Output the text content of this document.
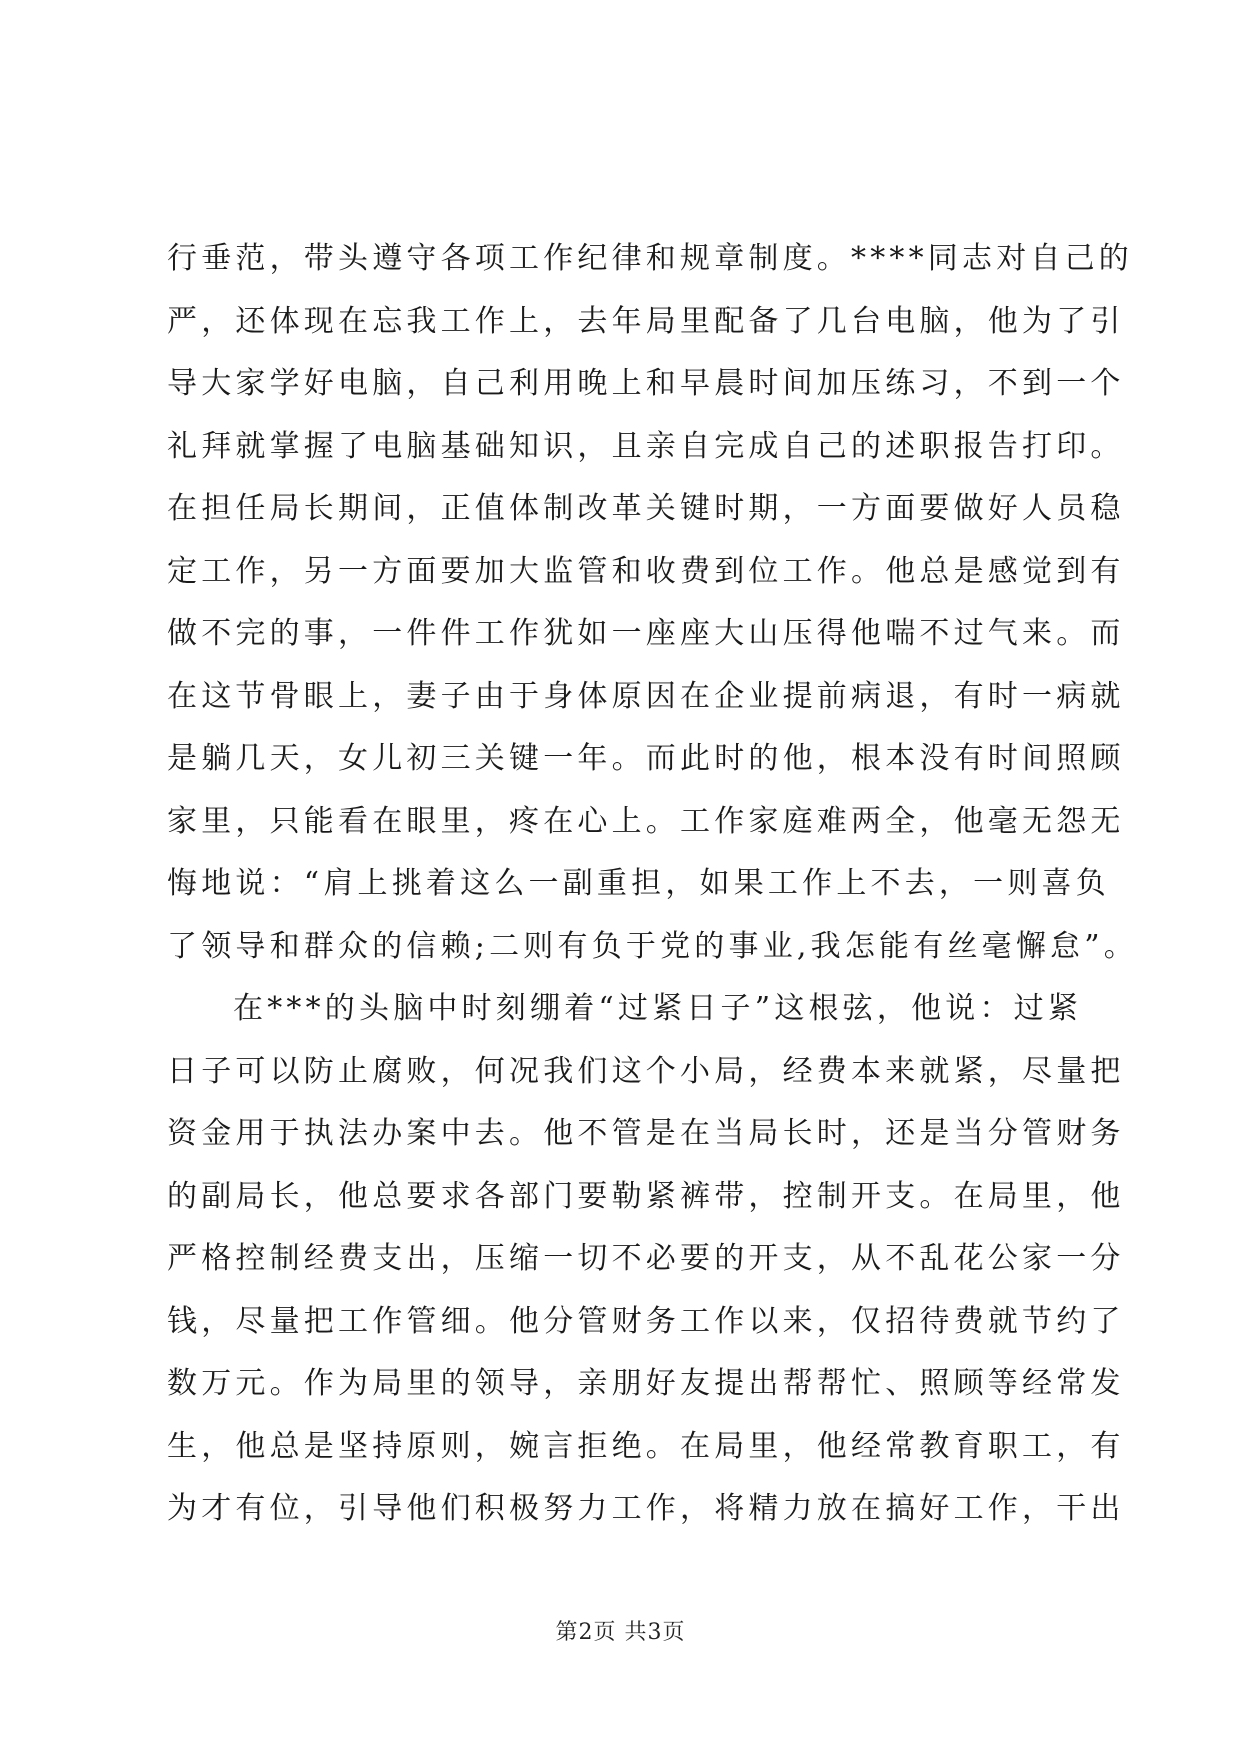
行垂范，带头遵守各项工作纪律和规章制度。****同志对自己的
严，还体现在忘我工作上，去年局里配备了几台电脑，他为了引
导大家学好电脑，自己利用晚上和早晨时间加压练习，不到一个
礼拜就掌握了电脑基础知识，且亲自完成自己的述职报告打印。
在担任局长期间，正值体制改革关键时期，一方面要做好人员稳
定工作，另一方面要加大监管和收费到位工作。他总是感觉到有
做不完的事，一件件工作犹如一座座大山压得他喘不过气来。而
在这节骨眼上，妻子由于身体原因在企业提前病退，有时一病就
是躺几天，女儿初三关键一年。而此时的他，根本没有时间照顾
家里，只能看在眼里，疼在心上。工作家庭难两全，他毫无怨无
悔地说：“肩上挑着这么一副重担，如果工作上不去，一则喜负
了领导和群众的信赖;二则有负于党的事业,我怎能有丝毫懈怠”。
在***的头脑中时刻绷着“过紧日子”这根弦，他说：过紧
日子可以防止腐败，何况我们这个小局，经费本来就紧，尽量把
资金用于执法办案中去。他不管是在当局长时，还是当分管财务
的副局长，他总要求各部门要勒紧裤带，控制开支。在局里，他
严格控制经费支出，压缩一切不必要的开支，从不乱花公家一分
钱，尽量把工作管细。他分管财务工作以来，仅招待费就节约了
数万元。作为局里的领导，亲朋好友提出帮帮忙、照顾等经常发
生，他总是坚持原则，婉言拒绝。在局里，他经常教育职工，有
为才有位，引导他们积极努力工作，将精力放在搞好工作，干出
第2页 共3页
